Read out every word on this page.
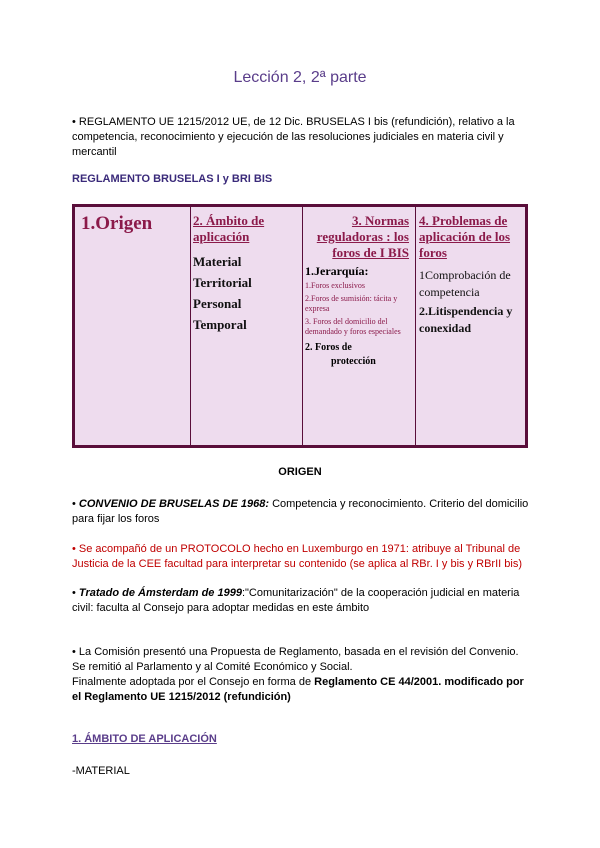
Lección 2, 2ª parte
• REGLAMENTO UE 1215/2012 UE, de 12 Dic. BRUSELAS I bis (refundición), relativo a la competencia, reconocimiento y ejecución de las resoluciones judiciales en materia civil y mercantil
REGLAMENTO BRUSELAS I y BRI BIS
1.Origen	2. Ámbito de aplicación
Material
Territorial
Personal
Temporal
3. Normas reguladoras : los foros de I BIS
1.Jerarquía:
1.Foros exclusivos
2.Foros de sumisión: tácita y expresa
3. Foros del domicilio del demandado y foros especiales
2. Foros de
protección
4. Problemas de aplicación de los foros
1Comprobación de competencia
2.Litispendencia y conexidad
ORIGEN
• CONVENIO DE BRUSELAS DE 1968: Competencia y reconocimiento. Criterio del domicilio para fijar los foros
• Se acompañó de un PROTOCOLO hecho en Luxemburgo en 1971: atribuye al Tribunal de Justicia de la CEE facultad para interpretar su contenido (se aplica al RBr. I y bis y RBrII bis)
• Tratado de Ámsterdam de 1999:"Comunitarización" de la cooperación judicial en materia civil: faculta al Consejo para adoptar medidas en este ámbito
• La Comisión presentó una Propuesta de Reglamento, basada en el revisión del Convenio. Se remitió al Parlamento y al Comité Económico y Social.
Finalmente adoptada por el Consejo en forma de Reglamento CE 44/2001. modificado por el Reglamento UE 1215/2012 (refundición)
1. ÁMBITO DE APLICACIÓN
-MATERIAL
